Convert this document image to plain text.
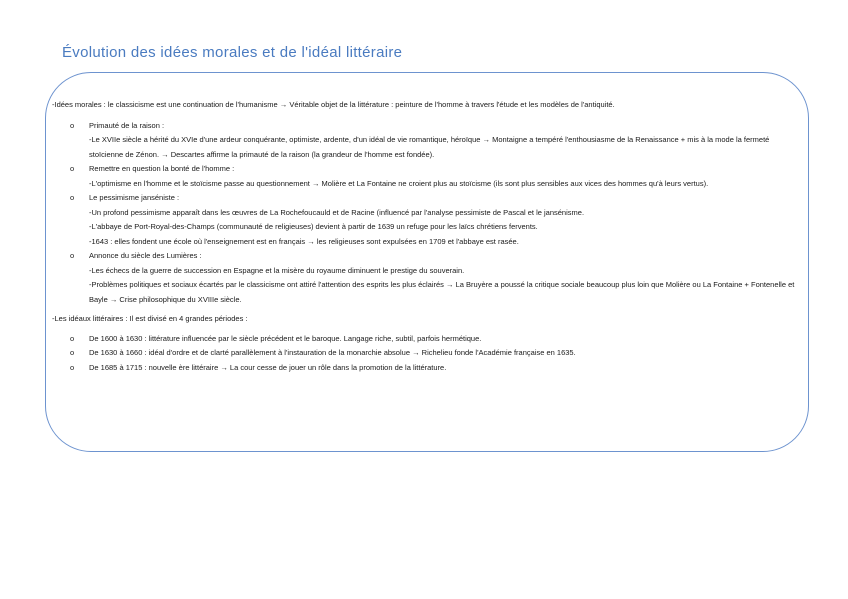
Évolution des idées morales et de l'idéal littéraire

-Idées morales : le classicisme est une continuation de l'humanisme → Véritable objet de la littérature : peinture de l'homme à travers l'étude et les modèles de l'antiquité.

o Primauté de la raison :
-Le XVIIe siècle a hérité du XVIe d'une ardeur conquérante, optimiste, ardente, d'un idéal de vie romantique, héroïque → Montaigne a tempéré l'enthousiasme de la Renaissance + mis à la mode la fermeté stoïcienne de Zénon. → Descartes affirme la primauté de la raison (la grandeur de l'homme est fondée).
o Remettre en question la bonté de l'homme :
-L'optimisme en l'homme et le stoïcisme passe au questionnement → Molière et La Fontaine ne croient plus au stoïcisme (ils sont plus sensibles aux vices des hommes qu'à leurs vertus).
o Le pessimisme janséniste :
-Un profond pessimisme apparaît dans les œuvres de La Rochefoucauld et de Racine (influencé par l'analyse pessimiste de Pascal et le jansénisme.
-L'abbaye de Port-Royal-des-Champs (communauté de religieuses) devient à partir de 1639 un refuge pour les laïcs chrétiens fervents.
-1643 : elles fondent une école où l'enseignement est en français → les religieuses sont expulsées en 1709 et l'abbaye est rasée.
o Annonce du siècle des Lumières :
-Les échecs de la guerre de succession en Espagne et la misère du royaume diminuent le prestige du souverain.
-Problèmes politiques et sociaux écartés par le classicisme ont attiré l'attention des esprits les plus éclairés → La Bruyère a poussé la critique sociale beaucoup plus loin que Molière ou La Fontaine + Fontenelle et Bayle → Crise philosophique du XVIIIe siècle.

-Les idéaux littéraires : Il est divisé en 4 grandes périodes :

o De 1600 à 1630 : littérature influencée par le siècle précédent et le baroque. Langage riche, subtil, parfois hermétique.
o De 1630 à 1660 : idéal d'ordre et de clarté parallèlement à l'instauration de la monarchie absolue → Richelieu fonde l'Académie française en 1635.
o De 1685 à 1715 : nouvelle ère littéraire → La cour cesse de jouer un rôle dans la promotion de la littérature.
